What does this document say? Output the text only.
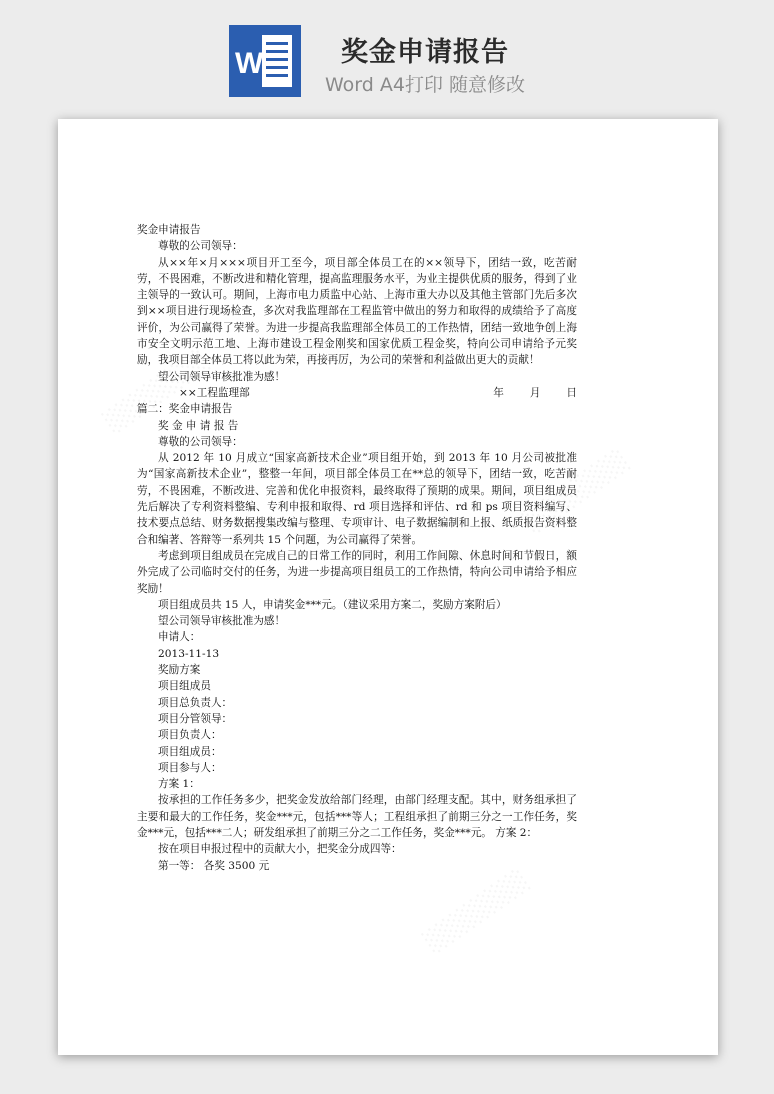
W	奖金申请报告
Word A4打印 随意修改

奖金申请报告

尊敬的公司领导：

从××年×月×××项目开工至今，项目部全体员工在的××领导下，团结一致，吃苦耐劳，不畏困难，不断改进和精化管理，提高监理服务水平，为业主提供优质的服务，得到了业主领导的一致认可。期间，上海市电力质监中心站、上海市重大办以及其他主管部门先后多次到××项目进行现场检查，多次对我监理部在工程监管中做出的努力和取得的成绩给予了高度评价，为公司赢得了荣誉。为进一步提高我监理部全体员工的工作热情，团结一致地争创上海市安全文明示范工地、上海市建设工程金刚奖和国家优质工程金奖，特向公司申请给予元奖励，我项目部全体员工将以此为荣，再接再厉，为公司的荣誉和利益做出更大的贡献！

望公司领导审核批准为感！

××工程监理部	年 月 日

篇二：奖金申请报告

奖 金 申 请 报 告

尊敬的公司领导：

从 2012 年 10 月成立“国家高新技术企业”项目组开始，到 2013 年 10 月公司被批准为“国家高新技术企业”，整整一年间，项目部全体员工在**总的领导下，团结一致，吃苦耐劳，不畏困难，不断改进、完善和优化申报资料，最终取得了预期的成果。期间，项目组成员先后解决了专利资料整编、专利申报和取得、rd 项目选择和评估、rd 和 ps 项目资料编写、技术要点总结、财务数据搜集改编与整理、专项审计、电子数据编制和上报、纸质报告资料整合和编著、答辩等一系列共 15 个问题，为公司赢得了荣誉。

考虑到项目组成员在完成自己的日常工作的同时，利用工作间隙、休息时间和节假日，额外完成了公司临时交付的任务，为进一步提高项目组员工的工作热情，特向公司申请给予相应奖励！

项目组成员共 15 人，申请奖金***元。（建议采用方案二，奖励方案附后）

望公司领导审核批准为感！

申请人：

2013-11-13

奖励方案

项目组成员

项目总负责人：

项目分管领导：

项目负责人：

项目组成员：

项目参与人：

方案 1：

按承担的工作任务多少，把奖金发放给部门经理，由部门经理支配。其中，财务组承担了主要和最大的工作任务，奖金***元，包括***等人；工程组承担了前期三分之一工作任务，奖金***元，包括***二人；研发组承担了前期三分之二工作任务，奖金***元。 方案 2：

按在项目申报过程中的贡献大小，把奖金分成四等：

第一等： 各奖 3500 元
